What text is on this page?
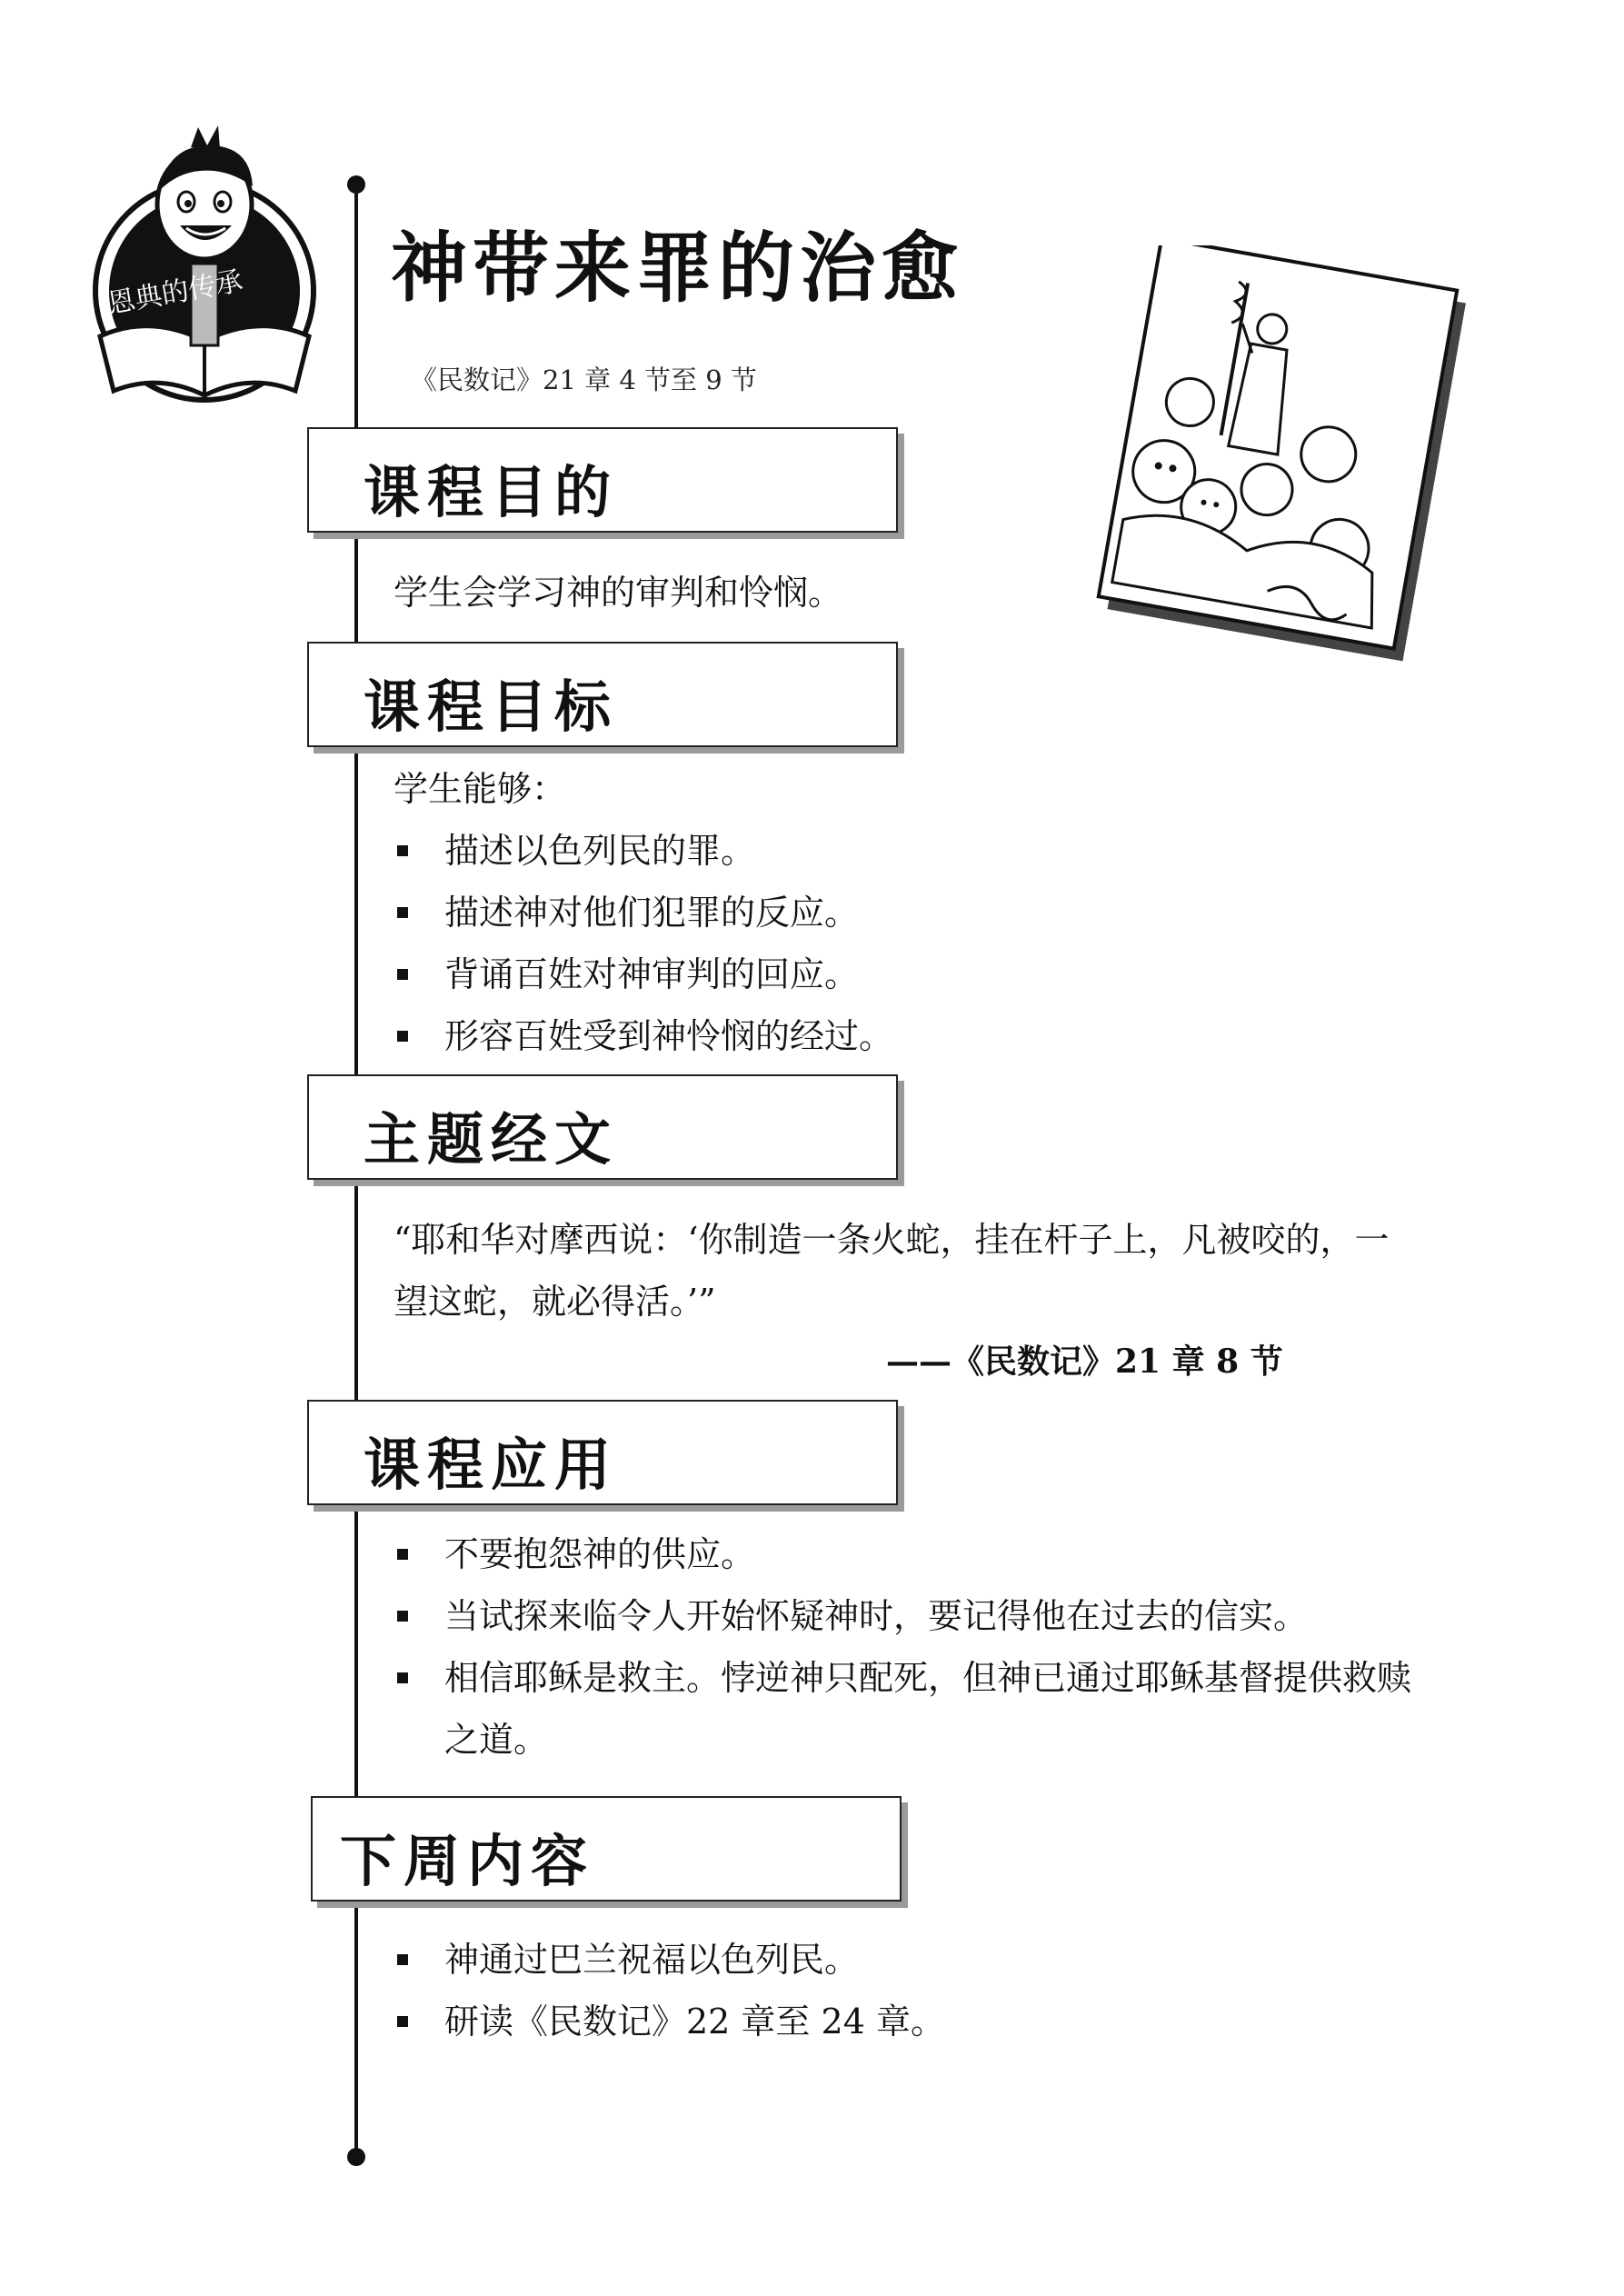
恩典的传承 神带来罪的治愈
《民数记》21 章 4 节至 9 节
课程目的
学生会学习神的审判和怜悯。
课程目标
学生能够：
描述以色列民的罪。
描述神对他们犯罪的反应。
背诵百姓对神审判的回应。
形容百姓受到神怜悯的经过。
主题经文
“耶和华对摩西说：‘你制造一条火蛇，挂在杆子上，凡被咬的，一望这蛇，就必得活。’”
——《民数记》21 章 8 节
课程应用
不要抱怨神的供应。
当试探来临令人开始怀疑神时，要记得他在过去的信实。
相信耶稣是救主。悖逆神只配死，但神已通过耶稣基督提供救赎之道。
下周内容
神通过巴兰祝福以色列民。
研读《民数记》22 章至 24 章。
